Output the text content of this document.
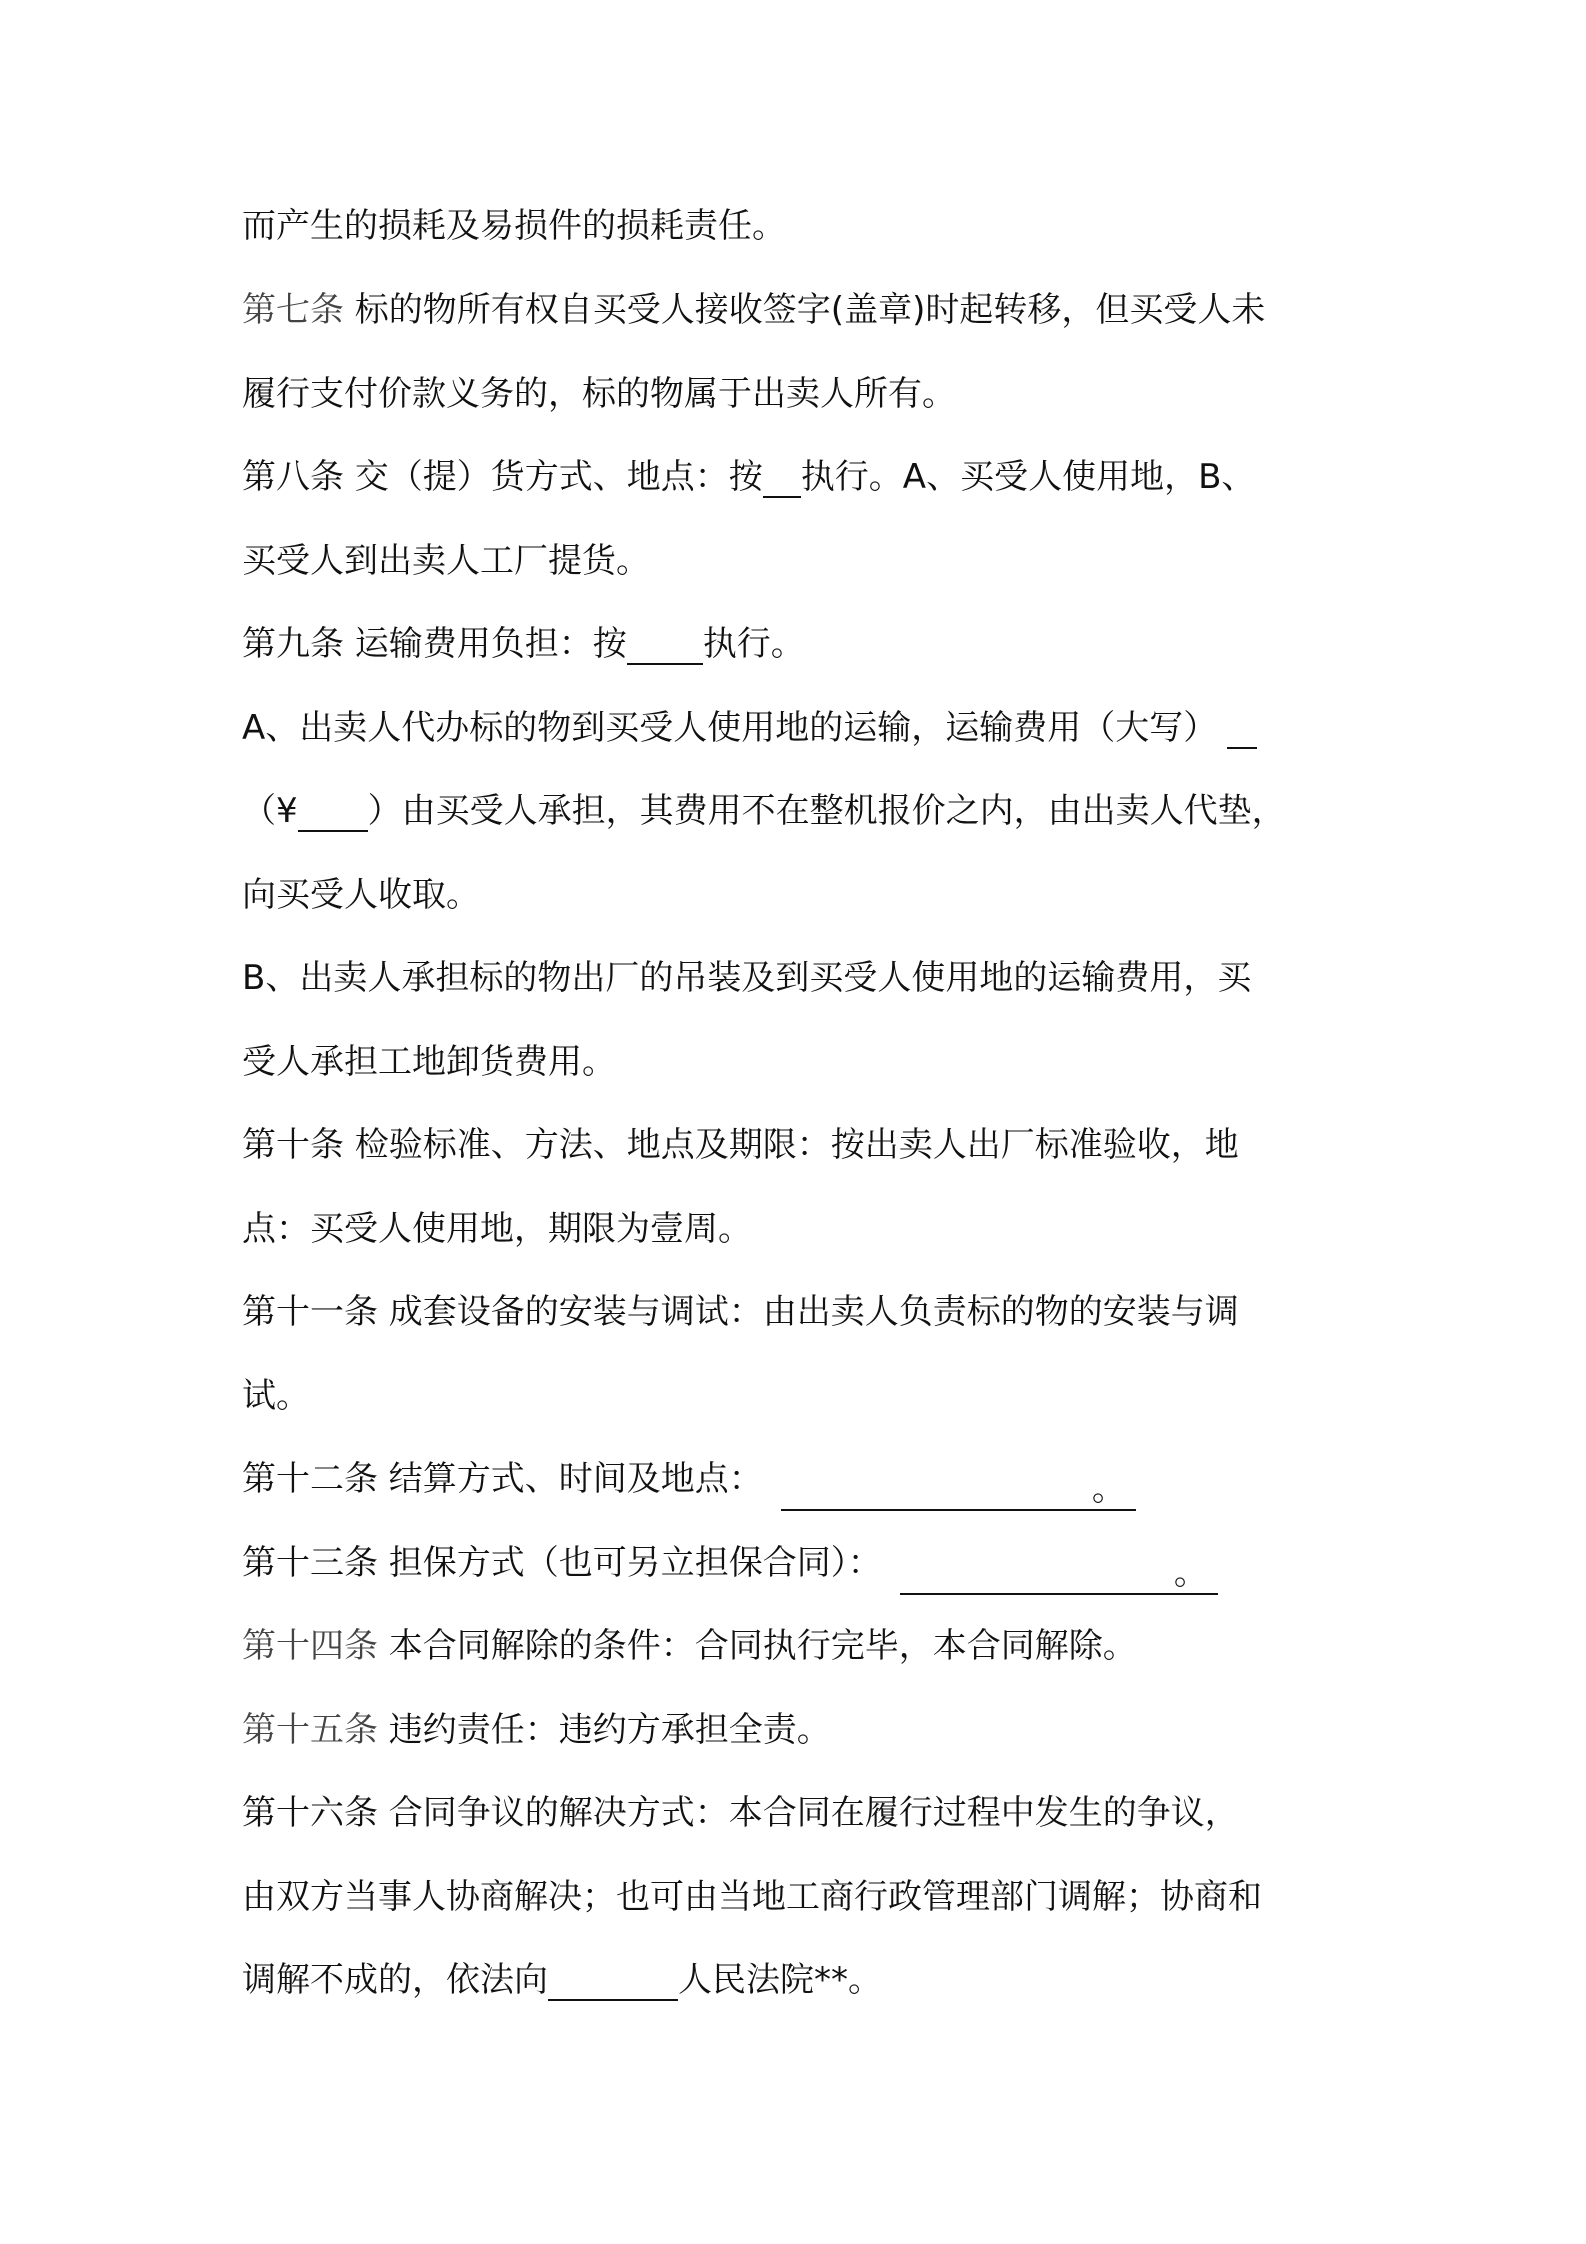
而产生的损耗及易损件的损耗责任。
第七条 标的物所有权自买受人接收签字(盖章)时起转移，但买受人未
履行支付价款义务的，标的物属于出卖人所有。
第八条 交（提）货方式、地点：按 执行。A、买受人使用地，B、
买受人到出卖人工厂提货。
第九条 运输费用负担：按 执行。
A、出卖人代办标的物到买受人使用地的运输，运输费用（大写）
（¥ ）由买受人承担，其费用不在整机报价之内，由出卖人代垫，
向买受人收取。
B、出卖人承担标的物出厂的吊装及到买受人使用地的运输费用，买
受人承担工地卸货费用。
第十条 检验标准、方法、地点及期限：按出卖人出厂标准验收，地
点：买受人使用地，期限为壹周。
第十一条 成套设备的安装与调试：由出卖人负责标的物的安装与调
试。
第十二条 结算方式、时间及地点：	。
第十三条 担保方式（也可另立担保合同）：	。
第十四条 本合同解除的条件：合同执行完毕，本合同解除。
第十五条 违约责任：违约方承担全责。
第十六条 合同争议的解决方式：本合同在履行过程中发生的争议，
由双方当事人协商解决；也可由当地工商行政管理部门调解；协商和
调解不成的，依法向	人民法院**。
